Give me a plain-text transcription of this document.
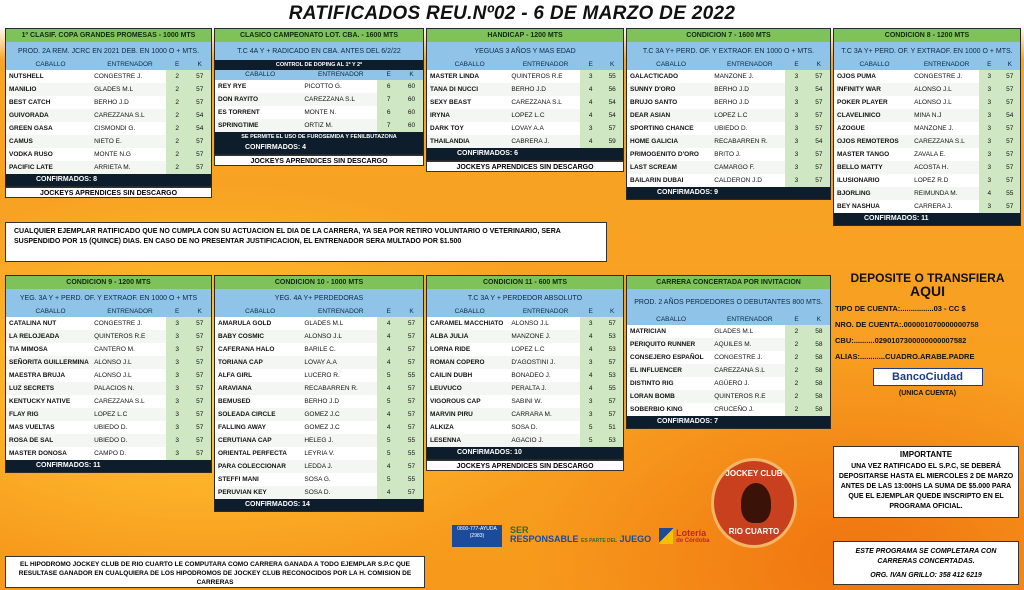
RATIFICADOS REU.Nº02 - 6 DE MARZO DE 2022
1º CLASIF. COPA GRANDES PROMESAS - 1000 MTS
PROD. 2A REM. JCRC EN 2021 DEB. EN 1000 O + MTS.
CABALLO	ENTRENADOR	E	K
NUTSHELL	CONGESTRE J.	2	57
MANILIO	GLADES M.L	2	57
BEST CATCH	BERHO J.D	2	57
GUIVORADA	CAREZZANA S.L	2	54
GREEN GASA	CISMONDI G.	2	54
CAMUS	NIETO E.	2	57
VODKA RUSO	MONTE N.G	2	57
PACIFIC LATE	ARRIETA M.	2	57
CONFIRMADOS: 8
JOCKEYS APRENDICES SIN DESCARGO
CLASICO CAMPEONATO LOT. CBA. - 1600 MTS
T.C 4A Y + RADICADO EN CBA. ANTES DEL 6/2/22
CONTROL DE DOPING AL 1º Y 2º
CABALLO	ENTRENADOR	E	K
REY RYE	PICOTTO G.	6	60
DON RAYITO	CAREZZANA S.L	7	60
ES TORRENT	MONTE N.	6	60
SPRINGTIME	ORTIZ M.	7	60
SE PERMITE EL USO DE FUROSEMIDA Y FENILBUTAZONA
CONFIRMADOS: 4
JOCKEYS APRENDICES SIN DESCARGO
HANDICAP - 1200 MTS
YEGUAS 3 AÑOS Y MAS EDAD
CABALLO	ENTRENADOR	E	K
MASTER LINDA	QUINTEROS R.E	3	55
TANA DI NUCCI	BERHO J.D	4	56
SEXY BEAST	CAREZZANA S.L	4	54
IRYNA	LOPEZ L.C	4	54
DARK TOY	LOVAY A.A	3	57
THAILANDIA	CABRERA J.	4	59
CONFIRMADOS: 6
JOCKEYS APRENDICES SIN DESCARGO
CONDICION 7 - 1600 MTS
T.C 3A Y+ PERD. OF. Y EXTRAOF. EN 1000 O + MTS.
CABALLO	ENTRENADOR	E	K
GALACTICADO	MANZONE J.	3	57
SUNNY D'ORO	BERHO J.D	3	54
BRUJO SANTO	BERHO J.D	3	57
DEAR ASIAN	LOPEZ L.C	3	57
SPORTING CHANCE	UBIEDO D.	3	57
HOME GALICIA	RECABARREN R.	3	54
PRIMOGENITO D'ORO	BRITO J.	3	57
LAST SCREAM	CAMARGO F.	3	57
BAILARIN DUBAI	CALDERON J.D	3	57
CONFIRMADOS: 9
CONDICION 8 - 1200 MTS
T.C 3A Y+ PERD. OF. Y EXTRAOF. EN 1000 O + MTS.
CABALLO	ENTRENADOR	E	K
OJOS PUMA	CONGESTRE J.	3	57
INFINITY WAR	ALONSO J.L	3	57
POKER PLAYER	ALONSO J.L	3	57
CLAVELINICO	MINA N.J	3	54
AZOGUE	MANZONE J.	3	57
OJOS REMOTEROS	CAREZZANA S.L	3	57
MASTER TANGO	ZAVALA E.	3	57
BELLO MATTY	ACOSTA H.	3	57
ILUSIONARIO	LOPEZ R.D	3	57
BJORLING	REIMUNDA M.	4	55
BEY NASHUA	CARRERA J.	3	57
CONFIRMADOS: 11
CONDICION 9 - 1200 MTS
YEG. 3A Y + PERD. OF. Y EXTRAOF. EN 1000 O + MTS
CABALLO	ENTRENADOR	E	K
CATALINA NUT	CONGESTRE J.	3	57
LA RELOJEADA	QUINTEROS R.E	3	57
TIA MIMOSA	CANTERO M.	3	57
SEÑORITA GUILLERMINA ALONSO J.L	3	57
MAESTRA BRUJA	ALONSO J.L	3	57
LUZ SECRETS	PALACIOS N.	3	57
KENTUCKY NATIVE	CAREZZANA S.L	3	57
FLAY RIG	LOPEZ L.C	3	57
MAS VUELTAS	UBIEDO D.	3	57
ROSA DE SAL	UBIEDO D.	3	57
MASTER DONOSA	CAMPO D.	3	57
CONFIRMADOS: 11
CONDICION 10 - 1000 MTS
YEG. 4A Y+ PERDEDORAS
CABALLO	ENTRENADOR	E	K
AMARULA GOLD	GLADES M.L	4	57
BABY COSMIC	ALONSO J.L	4	57
CAFERANA HALO	BARILE C.	4	57
TORIANA CAP	LOVAY A.A	4	57
ALFA GIRL	LUCERO R.	5	55
ARAVIANA	RECABARREN R.	4	57
BEMUSED	BERHO J.D	5	57
SOLEADA CIRCLE	GOMEZ J.C	4	57
FALLING AWAY	GOMEZ J.C	4	57
CERUTIANA CAP	HELEG J.	5	55
ORIENTAL PERFECTA	LEYRIA V.	5	55
PARA COLECCIONAR	LEDDA J.	4	57
STEFFI MANI	SOSA G.	5	55
PERUVIAN KEY	SOSA D.	4	57
CONFIRMADOS: 14
CONDICION 11 - 600 MTS
T.C 3A Y + PERDEDOR ABSOLUTO
CABALLO	ENTRENADOR	E	K
CARAMEL MACCHIATO	ALONSO J.L	3	57
ALBA JULIA	MANZONE J.	4	53
LORNA RIDE	LOPEZ L.C	4	53
ROMAN COPERO	D'AGOSTINI J.	3	57
CAILIN DUBH	BONADEO J.	4	53
LEUVUCO	PERALTA J.	4	55
VIGOROUS CAP	SABINI W.	3	57
MARVIN PIRU	CARRARA M.	3	57
ALKIZA	SOSA D.	5	51
LESENNA	AGACIO J.	5	53
CONFIRMADOS: 10
JOCKEYS APRENDICES SIN DESCARGO
CARRERA CONCERTADA POR INVITACION
PROD. 2 AÑOS PERDEDORES O DEBUTANTES 800 MTS.
CABALLO	ENTRENADOR	E	K
MATRICIAN	GLADES M.L	2	58
PERIQUITO RUNNER	AQUILES M.	2	58
CONSEJERO ESPAÑOL	CONGESTRE J.	2	58
EL INFLUENCER	CAREZZANA S.L	2	58
DISTINTO RIG	AGÜERO J.	2	58
LORAN BOMB	QUINTEROS R.E	2	58
SOBERBIO KING	CRUCEÑO J.	2	58
CONFIRMADOS: 7
CUALQUIER EJEMPLAR RATIFICADO QUE NO CUMPLA CON SU ACTUACION EL DIA DE LA CARRERA, YA SEA POR RETIRO VOLUNTARIO O VETERINARIO, SERA SUSPENDIDO POR 15 (QUINCE) DIAS. EN CASO DE NO PRESENTAR JUSTIFICACION, EL ENTRENADOR SERA MULTADO POR $1.500
EL HIPODROMO JOCKEY CLUB DE RIO CUARTO LE COMPUTARA COMO CARRERA GANADA A TODO EJEMPLAR S.P.C QUE RESULTASE GANADOR EN CUALQUIERA DE LOS HIPODROMOS DE JOCKEY CLUB RECONOCIDOS POR LA H. COMISION DE CARRERAS
DEPOSITE O TRANSFIERA
AQUI
TIPO DE CUENTA:................03 - CC $
NRO. DE CUENTA:.000001070000000758
CBU:..........0290107300000000007582
ALIAS:............CUADRO.ARABE.PADRE
BancoCiudad
(UNICA CUENTA)
IMPORTANTE
UNA VEZ RATIFICADO EL S.P.C, SE DEBERÁ DEPOSITARSE HASTA EL MIERCOLES 2 DE MARZO ANTES DE LAS 13:00HS LA SUMA DE $5.000 PARA QUE EL EJEMPLAR QUEDE INSCRIPTO EN EL PROGRAMA OFICIAL.
ESTE PROGRAMA SE COMPLETARA CON CARRERAS CONCERTADAS.
ORG. IVAN GRILLO: 358 412 6219
JOCKEY CLUB
RIO CUARTO
0800-777-AYUDA (2983)
SER
RESPONSABLE ES PARTE DEL JUEGO
Lotería
de Córdoba
